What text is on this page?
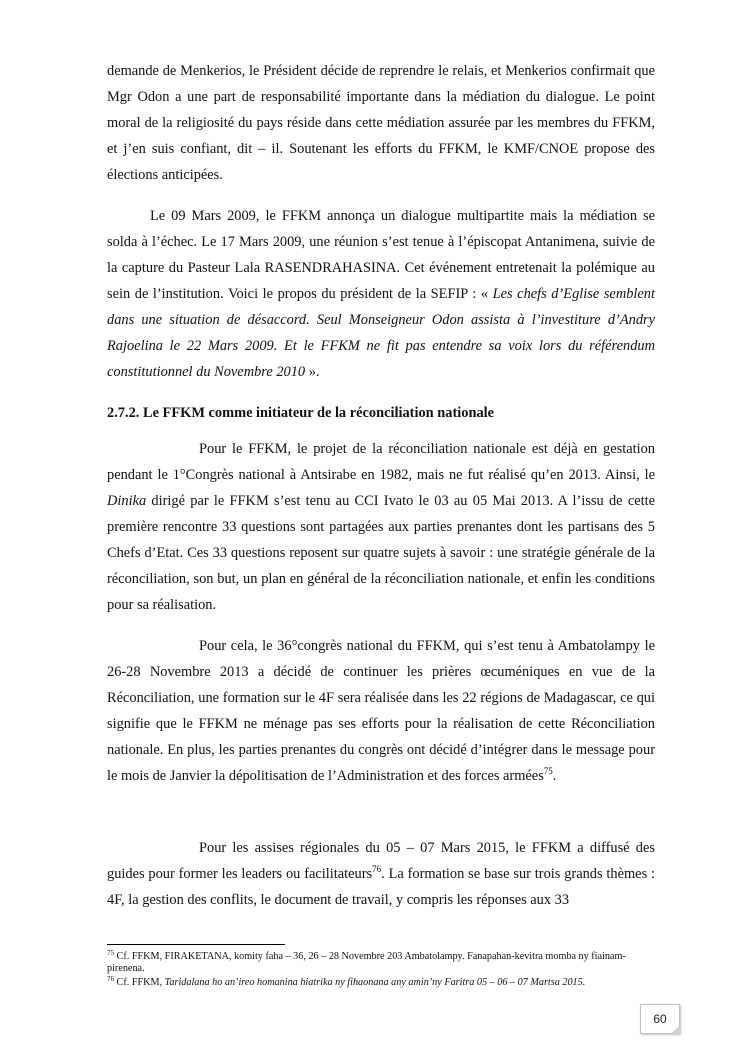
demande de Menkerios, le Président décide de reprendre le relais, et Menkerios confirmait que Mgr Odon a une part de responsabilité importante dans la médiation du dialogue. Le point moral de la religiosité du pays réside dans cette médiation assurée par les membres du FFKM, et j’en suis confiant, dit – il. Soutenant les efforts du FFKM, le KMF/CNOE propose des élections anticipées.

Le 09 Mars 2009, le FFKM annonça un dialogue multipartite mais la médiation se solda à l’échec. Le 17 Mars 2009, une réunion s’est tenue à l’épiscopat Antanimena, suivie de la capture du Pasteur Lala RASENDRAHASINA. Cet événement entretenait la polémique au sein de l’institution. Voici le propos du président de la SEFIP : « Les chefs d’Eglise semblent dans une situation de désaccord. Seul Monseigneur Odon assista à l’investiture d’Andry Rajoelina le 22 Mars 2009. Et le FFKM ne fit pas entendre sa voix lors du référendum constitutionnel du Novembre 2010 ».

2.7.2. Le FFKM comme initiateur de la réconciliation nationale

Pour le FFKM, le projet de la réconciliation nationale est déjà en gestation pendant le 1°Congrès national à Antsirabe en 1982, mais ne fut réalisé qu’en 2013. Ainsi, le Dinika dirigé par le FFKM s’est tenu au CCI Ivato le 03 au 05 Mai 2013. A l’issu de cette première rencontre 33 questions sont partagées aux parties prenantes dont les partisans des 5 Chefs d’Etat. Ces 33 questions reposent sur quatre sujets à savoir : une stratégie générale de la réconciliation, son but, un plan en général de la réconciliation nationale, et enfin les conditions pour sa réalisation.

Pour cela, le 36°congrès national du FFKM, qui s’est tenu à Ambatolampy le 26-28 Novembre 2013 a décidé de continuer les prières œcuméniques en vue de la Réconciliation, une formation sur le 4F sera réalisée dans les 22 régions de Madagascar, ce qui signifie que le FFKM ne ménage pas ses efforts pour la réalisation de cette Réconciliation nationale. En plus, les parties prenantes du congrès ont décidé d’intégrer dans le message pour le mois de Janvier la dépolitisation de l’Administration et des forces armées$^{75}$.

Pour les assises régionales du 05 – 07 Mars 2015, le FFKM a diffusé des guides pour former les leaders ou facilitateurs$^{76}$. La formation se base sur trois grands thèmes : 4F, la gestion des conflits, le document de travail, y compris les réponses aux 33

$^{75}$ Cf. FFKM, FIRAKETANA, komity faha – 36, 26 – 28 Novembre 203 Ambatolampy. Fanapahan-kevitra momba ny fiainam-pirenena.

$^{76}$ Cf. FFKM, Taridalana ho an’ireo homanina hiatrika ny fihaonana any amin’ny Faritra 05 – 06 – 07 Martsa 2015.

60
